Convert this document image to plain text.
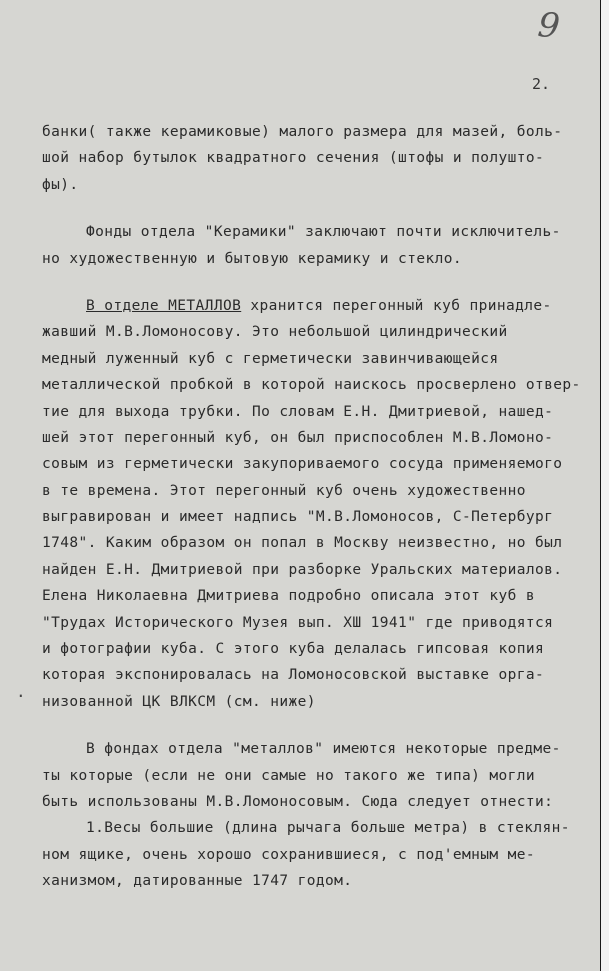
9
2.
.
банки( также керамиковые) малого размера для мазей, боль-
шой набор бутылок квадратного сечения (штофы и полушто-
фы).
Фонды отдела "Керамики" заключают почти исключитель-
но художественную и бытовую керамику и стекло.
В отделе МЕТАЛЛОВ хранится перегонный куб принадле-
жавший М.В.Ломоносову. Это небольшой цилиндрический
медный луженный куб с герметически завинчивающейся
металлической пробкой в которой наискось просверлено отвер-
тие для выхода трубки. По словам Е.Н. Дмитриевой, нашед-
шей этот перегонный куб, он был приспособлен М.В.Ломоно-
совым из герметически закупориваемого сосуда применяемого
в те времена. Этот перегонный куб очень художественно
выгравирован и имеет надпись "М.В.Ломоносов, С-Петербург
1748". Каким образом он попал в Москву неизвестно, но был
найден Е.Н. Дмитриевой при разборке Уральских материалов.
Елена Николаевна Дмитриева подробно описала этот куб в
"Трудах Исторического Музея вып. ХШ 1941" где приводятся
и фотографии куба. С этого куба делалась гипсовая копия
которая экспонировалась на Ломоносовской выставке орга-
низованной ЦК ВЛКСМ (см. ниже)
В фондах отдела "металлов" имеются некоторые предме-
ты которые (если не они самые но такого же типа) могли
быть использованы М.В.Ломоносовым. Сюда следует отнести:
1.Весы большие (длина рычага больше метра) в стеклян-
ном ящике, очень хорошо сохранившиеся, с под'емным ме-
ханизмом, датированные 1747 годом.
